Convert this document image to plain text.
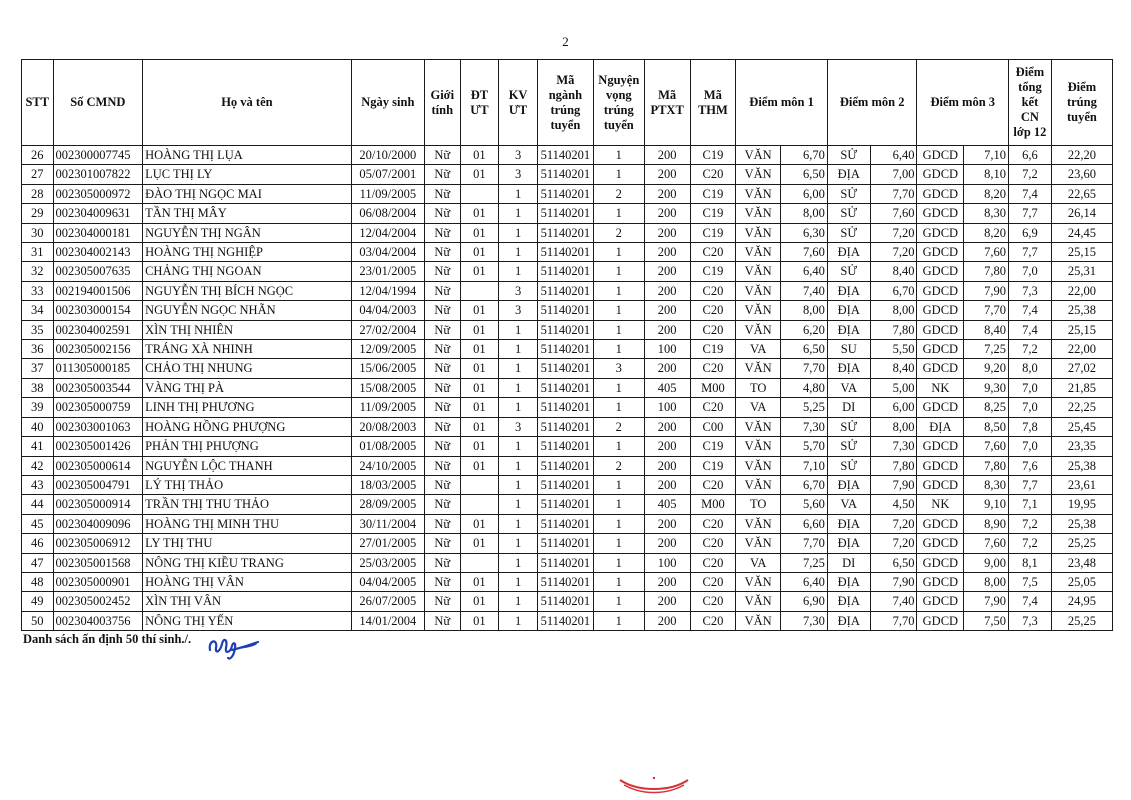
2
STT	Số CMND	Họ và tên	Ngày sinh	Giới tính	ĐT ƯT	KV ƯT	Mã ngành trúng tuyển	Nguyện vọng trúng tuyển	Mã PTXT	Mã THM	Điểm môn 1		Điểm môn 2		Điểm môn 3		Điểm tổng kết CN lớp 12	Điểm trúng tuyển
26	002300007745	HOÀNG THỊ LỤA	20/10/2000	Nữ	01	3	51140201	1	200	C19	VĂN	6,70	SỬ	6,40	GDCD	7,10	6,6	22,20
27	002301007822	LỤC THỊ LY	05/07/2001	Nữ	01	3	51140201	1	200	C20	VĂN	6,50	ĐỊA	7,00	GDCD	8,10	7,2	23,60
28	002305000972	ĐÀO THỊ NGỌC MAI	11/09/2005	Nữ		1	51140201	2	200	C19	VĂN	6,00	SỬ	7,70	GDCD	8,20	7,4	22,65
29	002304009631	TẦN THỊ MÂY	06/08/2004	Nữ	01	1	51140201	1	200	C19	VĂN	8,00	SỬ	7,60	GDCD	8,30	7,7	26,14
30	002304000181	NGUYỄN THỊ NGÂN	12/04/2004	Nữ	01	1	51140201	2	200	C19	VĂN	6,30	SỬ	7,20	GDCD	8,20	6,9	24,45
31	002304002143	HOÀNG THỊ NGHIỆP	03/04/2004	Nữ	01	1	51140201	1	200	C20	VĂN	7,60	ĐỊA	7,20	GDCD	7,60	7,7	25,15
32	002305007635	CHẢNG THỊ NGOAN	23/01/2005	Nữ	01	1	51140201	1	200	C19	VĂN	6,40	SỬ	8,40	GDCD	7,80	7,0	25,31
33	002194001506	NGUYỄN THỊ BÍCH NGỌC	12/04/1994	Nữ		3	51140201	1	200	C20	VĂN	7,40	ĐỊA	6,70	GDCD	7,90	7,3	22,00
34	002303000154	NGUYỄN NGỌC NHÃN	04/04/2003	Nữ	01	3	51140201	1	200	C20	VĂN	8,00	ĐỊA	8,00	GDCD	7,70	7,4	25,38
35	002304002591	XÌN THỊ NHIÊN	27/02/2004	Nữ	01	1	51140201	1	200	C20	VĂN	6,20	ĐỊA	7,80	GDCD	8,40	7,4	25,15
36	002305002156	TRÁNG XÀ NHINH	12/09/2005	Nữ	01	1	51140201	1	100	C19	VA	6,50	SU	5,50	GDCD	7,25	7,2	22,00
37	011305000185	CHẢO THỊ NHUNG	15/06/2005	Nữ	01	1	51140201	3	200	C20	VĂN	7,70	ĐỊA	8,40	GDCD	9,20	8,0	27,02
38	002305003544	VÀNG THỊ PÀ	15/08/2005	Nữ	01	1	51140201	1	405	M00	TO	4,80	VA	5,00	NK	9,30	7,0	21,85
39	002305000759	LINH THỊ PHƯƠNG	11/09/2005	Nữ	01	1	51140201	1	100	C20	VA	5,25	DI	6,00	GDCD	8,25	7,0	22,25
40	002303001063	HOÀNG HỒNG PHƯỢNG	20/08/2003	Nữ	01	3	51140201	2	200	C00	VĂN	7,30	SỬ	8,00	ĐỊA	8,50	7,8	25,45
41	002305001426	PHẢN THỊ PHƯỢNG	01/08/2005	Nữ	01	1	51140201	1	200	C19	VĂN	5,70	SỬ	7,30	GDCD	7,60	7,0	23,35
42	002305000614	NGUYỄN LỘC THANH	24/10/2005	Nữ	01	1	51140201	2	200	C19	VĂN	7,10	SỬ	7,80	GDCD	7,80	7,6	25,38
43	002305004791	LÝ THỊ THẢO	18/03/2005	Nữ		1	51140201	1	200	C20	VĂN	6,70	ĐỊA	7,90	GDCD	8,30	7,7	23,61
44	002305000914	TRẦN THỊ THU THẢO	28/09/2005	Nữ		1	51140201	1	405	M00	TO	5,60	VA	4,50	NK	9,10	7,1	19,95
45	002304009096	HOÀNG THỊ MINH THU	30/11/2004	Nữ	01	1	51140201	1	200	C20	VĂN	6,60	ĐỊA	7,20	GDCD	8,90	7,2	25,38
46	002305006912	LY THỊ THU	27/01/2005	Nữ	01	1	51140201	1	200	C20	VĂN	7,70	ĐỊA	7,20	GDCD	7,60	7,2	25,25
47	002305001568	NÔNG THỊ KIỀU TRANG	25/03/2005	Nữ		1	51140201	1	100	C20	VA	7,25	DI	6,50	GDCD	9,00	8,1	23,48
48	002305000901	HOÀNG THỊ VÂN	04/04/2005	Nữ	01	1	51140201	1	200	C20	VĂN	6,40	ĐỊA	7,90	GDCD	8,00	7,5	25,05
49	002305002452	XÌN THỊ VÂN	26/07/2005	Nữ	01	1	51140201	1	200	C20	VĂN	6,90	ĐỊA	7,40	GDCD	7,90	7,4	24,95
50	002304003756	NÔNG THỊ YẾN	14/01/2004	Nữ	01	1	51140201	1	200	C20	VĂN	7,30	ĐỊA	7,70	GDCD	7,50	7,3	25,25
Danh sách ấn định 50 thí sinh./.
